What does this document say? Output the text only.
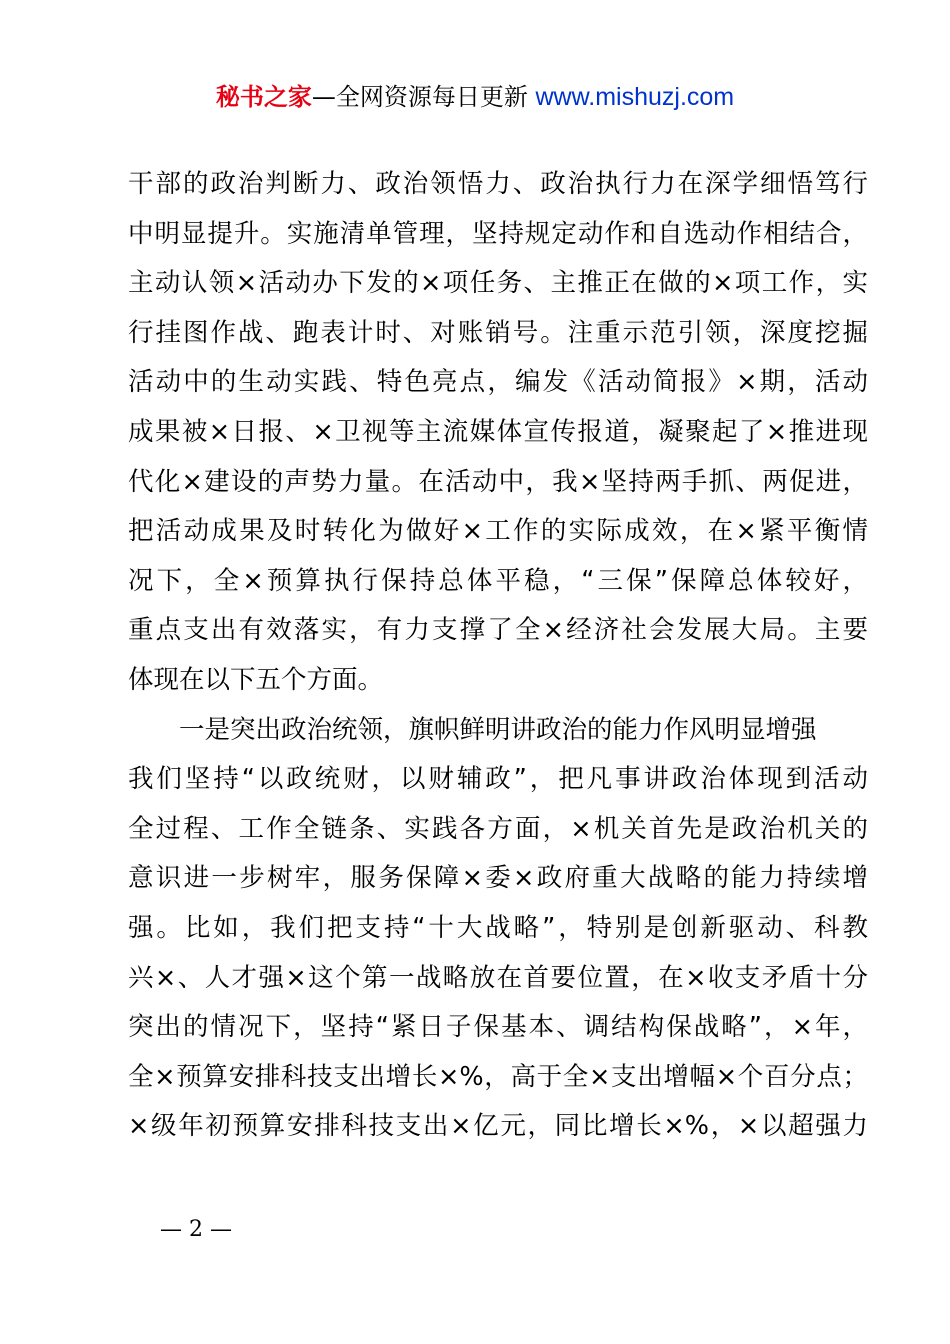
秘书之家—全网资源每日更新 www.mishuzj.com
干部的政治判断力、政治领悟力、政治执行力在深学细悟笃行
中明显提升。实施清单管理，坚持规定动作和自选动作相结合，
主动认领×活动办下发的×项任务、主推正在做的×项工作，实
行挂图作战、跑表计时、对账销号。注重示范引领，深度挖掘
活动中的生动实践、特色亮点，编发《活动简报》×期，活动
成果被×日报、×卫视等主流媒体宣传报道，凝聚起了×推进现
代化×建设的声势力量。在活动中，我×坚持两手抓、两促进，
把活动成果及时转化为做好×工作的实际成效，在×紧平衡情
况下，全×预算执行保持总体平稳，“三保”保障总体较好，
重点支出有效落实，有力支撑了全×经济社会发展大局。主要
体现在以下五个方面。
一是突出政治统领，旗帜鲜明讲政治的能力作风明显增强
我们坚持“以政统财，以财辅政”，把凡事讲政治体现到活动
全过程、工作全链条、实践各方面，×机关首先是政治机关的
意识进一步树牢，服务保障×委×政府重大战略的能力持续增
强。比如，我们把支持“十大战略”，特别是创新驱动、科教
兴×、人才强×这个第一战略放在首要位置，在×收支矛盾十分
突出的情况下，坚持“紧日子保基本、调结构保战略”，×年，
全×预算安排科技支出增长×%，高于全×支出增幅×个百分点；
×级年初预算安排科技支出×亿元，同比增长×%，×以超强力
— 2 —
